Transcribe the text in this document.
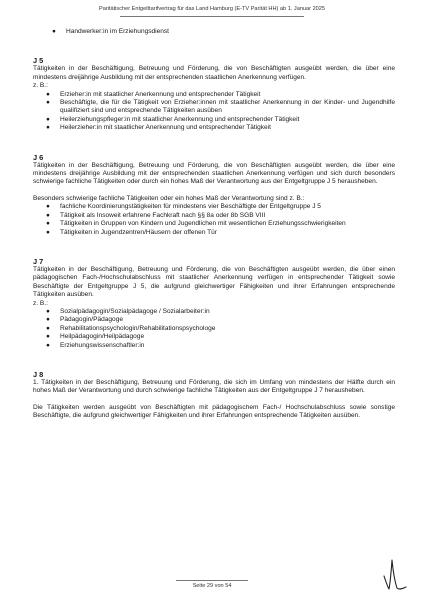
Paritätischer Entgelttarifvertrag für das Land Hamburg (E-TV Parität HH) ab 1. Januar 2025
● Handwerker:in im Erziehungsdienst

J 5

Tätigkeiten in der Beschäftigung, Betreuung und Förderung, die von Beschäftigten ausgeübt werden, die über eine mindestens dreijährige Ausbildung mit der entsprechenden staatlichen Anerkennung verfügen.

z. B.:

● Erzieher:in mit staatlicher Anerkennung und entsprechender Tätigkeit
● Beschäftigte, die für die Tätigkeit von Erzieher:innen mit staatlicher Anerkennung in der Kinder- und Jugendhilfe qualifiziert sind und entsprechende Tätigkeiten ausüben
● Heilerziehungspfleger:in mit staatlicher Anerkennung und entsprechender Tätigkeit
● Heilerzieher:in mit staatlicher Anerkennung und entsprechender Tätigkeit

J 6

Tätigkeiten in der Beschäftigung, Betreuung und Förderung, die von Beschäftigten ausgeübt werden, die über eine mindestens dreijährige Ausbildung mit der entsprechenden staatlichen Anerkennung verfügen und sich durch besonders schwierige fachliche Tätigkeiten oder durch ein hohes Maß der Verantwortung aus der Entgeltgruppe J 5 herausheben.

Besonders schwierige fachliche Tätigkeiten oder ein hohes Maß der Verantwortung sind z. B.:

● fachliche Koordinierungstätigkeiten für mindestens vier Beschäftigte der Entgeltgruppe J 5
● Tätigkeit als Insoweit erfahrene Fachkraft nach §§ 8a oder 8b SGB VIII
● Tätigkeiten in Gruppen von Kindern und Jugendlichen mit wesentlichen Erziehungsschwierigkeiten
● Tätigkeiten in Jugendzentren/Häusern der offenen Tür

J 7

Tätigkeiten in der Beschäftigung, Betreuung und Förderung, die von Beschäftigten ausgeübt werden, die über einen pädagogischen Fach-/Hochschulabschluss mit staatlicher Anerkennung verfügen in entsprechender Tätigkeit sowie Beschäftigte der Entgeltgruppe J 5, die aufgrund gleichwertiger Fähigkeiten und ihrer Erfahrungen entsprechende Tätigkeiten ausüben.

z. B.:

● Sozialpädagogin/Sozialpädagoge / Sozialarbeiter:in
● Pädagogin/Pädagoge
● Rehabilitationspsychologin/Rehabilitationspsychologe
● Heilpädagogin/Heilpädagoge
● Erziehungswissenschaftler:in

J 8

1. Tätigkeiten in der Beschäftigung, Betreuung und Förderung, die sich im Umfang von mindestens der Hälfte durch ein hohes Maß der Verantwortung und durch schwierige fachliche Tätigkeiten aus der Entgeltgruppe J 7 herausheben.

Die Tätigkeiten werden ausgeübt von Beschäftigten mit pädagogischem Fach-/ Hochschulabschluss sowie sonstige Beschäftigte, die aufgrund gleichwertiger Fähigkeiten und ihrer Erfahrungen entsprechende Tätigkeiten ausüben.

Seite 29 von 54
